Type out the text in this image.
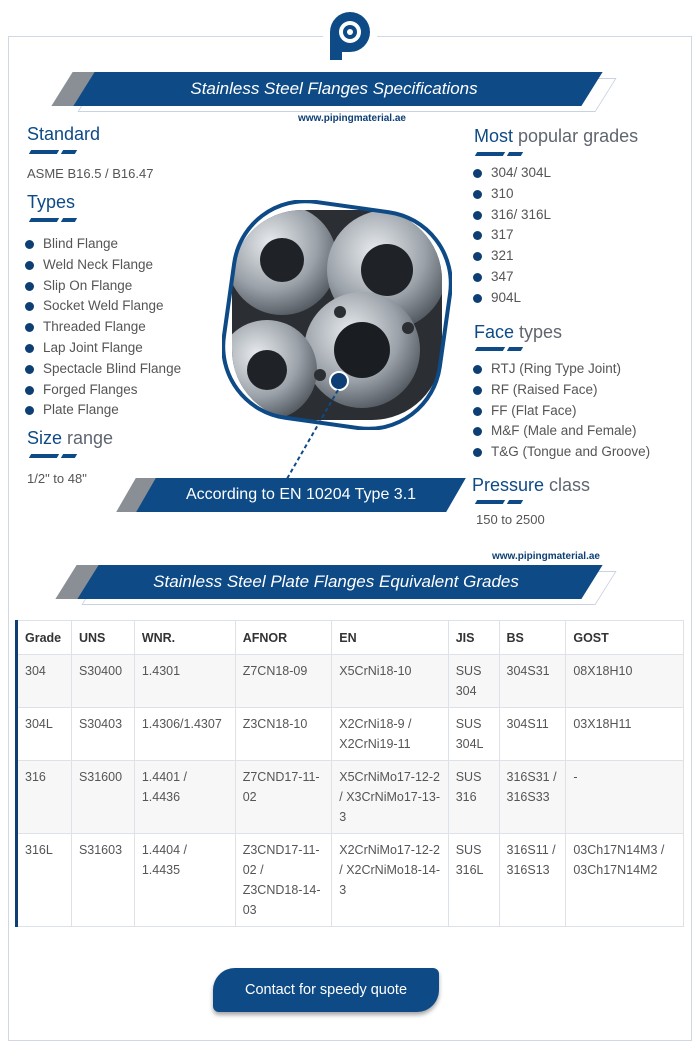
Stainless Steel Flanges Specifications
www.pipingmaterial.ae
Standard
ASME B16.5 / B16.47
Types
Blind Flange
Weld Neck Flange
Slip On Flange
Socket Weld Flange
Threaded Flange
Lap Joint Flange
Spectacle Blind Flange
Forged Flanges
Plate Flange
Size range
1/2" to 48"
According to EN 10204 Type 3.1
Most popular grades
304/ 304L
310
316/ 316L
317
321
347
904L
Face types
RTJ (Ring Type Joint)
RF (Raised Face)
FF (Flat Face)
M&F (Male and Female)
T&G (Tongue and Groove)
Pressure class
150 to 2500
www.pipingmaterial.ae
Stainless Steel Plate Flanges Equivalent Grades
Grade	UNS	WNR.	AFNOR	EN	JIS	BS	GOST
304	S30400	1.4301	Z7CN18-09	X5CrNi18-10	SUS 304	304S31	08X18H10
304L	S30403	1.4306/1.4307	Z3CN18-10	X2CrNi18-9 / X2CrNi19-11	SUS 304L	304S11	03X18H11
316	S31600	1.4401 / 1.4436	Z7CND17-11-02	X5CrNiMo17-12-2 / X3CrNiMo17-13-3	SUS 316	316S31 / 316S33	-
316L	S31603	1.4404 / 1.4435	Z3CND17-11-02 / Z3CND18-14-03	X2CrNiMo17-12-2 / X2CrNiMo18-14-3	SUS 316L	316S11 / 316S13	03Ch17N14M3 / 03Ch17N14M2
Contact for speedy quote
